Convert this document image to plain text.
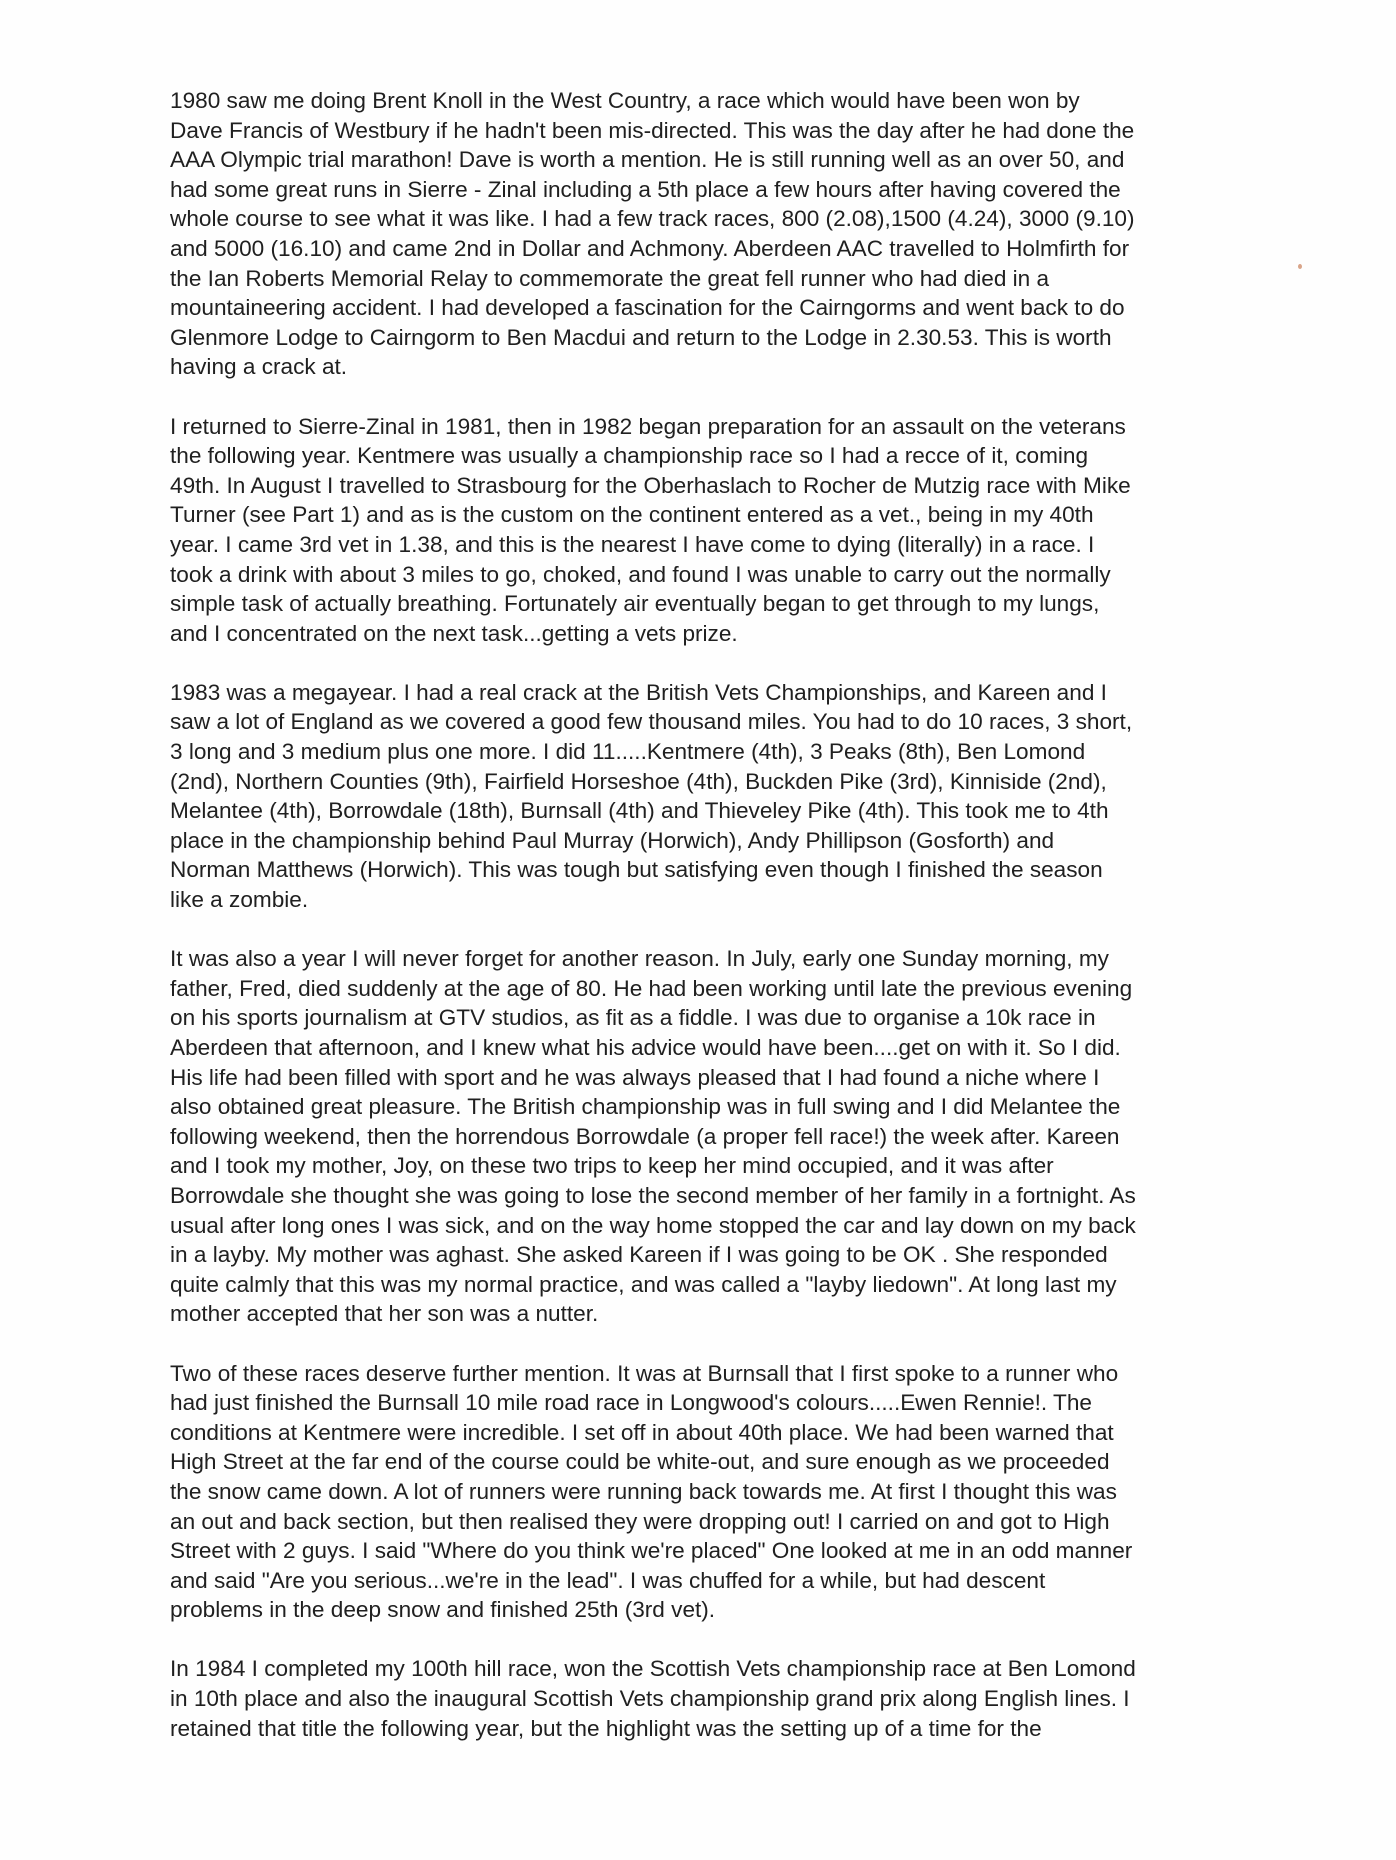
1980 saw me doing Brent Knoll in the West Country, a race which would have been won by
Dave Francis of Westbury if he hadn't been mis-directed. This was the day after he had done the
AAA Olympic trial marathon! Dave is worth a mention. He is still running well as an over 50, and
had some great runs in Sierre - Zinal including a 5th place a few hours after having covered the
whole course to see what it was like. I had a few track races, 800 (2.08),1500 (4.24), 3000 (9.10)
and 5000 (16.10) and came 2nd in Dollar and Achmony. Aberdeen AAC travelled to Holmfirth for
the Ian Roberts Memorial Relay to commemorate the great fell runner who had died in a
mountaineering accident. I had developed a fascination for the Cairngorms and went back to do
Glenmore Lodge to Cairngorm to Ben Macdui and return to the Lodge in 2.30.53. This is worth
having a crack at.
I returned to Sierre-Zinal in 1981, then in 1982 began preparation for an assault on the veterans
the following year. Kentmere was usually a championship race so I had a recce of it, coming
49th. In August I travelled to Strasbourg for the Oberhaslach to Rocher de Mutzig race with Mike
Turner (see Part 1) and as is the custom on the continent entered as a vet., being in my 40th
year. I came 3rd vet in 1.38, and this is the nearest I have come to dying (literally) in a race. I
took a drink with about 3 miles to go, choked, and found I was unable to carry out the normally
simple task of actually breathing. Fortunately air eventually began to get through to my lungs,
and I concentrated on the next task...getting a vets prize.
1983 was a megayear. I had a real crack at the British Vets Championships, and Kareen and I
saw a lot of England as we covered a good few thousand miles. You had to do 10 races, 3 short,
3 long and 3 medium plus one more. I did 11.....Kentmere (4th), 3 Peaks (8th), Ben Lomond
(2nd), Northern Counties (9th), Fairfield Horseshoe (4th), Buckden Pike (3rd), Kinniside (2nd),
Melantee (4th), Borrowdale (18th), Burnsall (4th) and Thieveley Pike (4th). This took me to 4th
place in the championship behind Paul Murray (Horwich), Andy Phillipson (Gosforth) and
Norman Matthews (Horwich). This was tough but satisfying even though I finished the season
like a zombie.
It was also a year I will never forget for another reason. In July, early one Sunday morning, my
father, Fred, died suddenly at the age of 80. He had been working until late the previous evening
on his sports journalism at GTV studios, as fit as a fiddle. I was due to organise a 10k race in
Aberdeen that afternoon, and I knew what his advice would have been....get on with it. So I did.
His life had been filled with sport and he was always pleased that I had found a niche where I
also obtained great pleasure. The British championship was in full swing and I did Melantee the
following weekend, then the horrendous Borrowdale (a proper fell race!) the week after. Kareen
and I took my mother, Joy, on these two trips to keep her mind occupied, and it was after
Borrowdale she thought she was going to lose the second member of her family in a fortnight. As
usual after long ones I was sick, and on the way home stopped the car and lay down on my back
in a layby. My mother was aghast. She asked Kareen if I was going to be OK . She responded
quite calmly that this was my normal practice, and was called a "layby liedown". At long last my
mother accepted that her son was a nutter.
Two of these races deserve further mention. It was at Burnsall that I first spoke to a runner who
had just finished the Burnsall 10 mile road race in Longwood's colours.....Ewen Rennie!. The
conditions at Kentmere were incredible. I set off in about 40th place. We had been warned that
High Street at the far end of the course could be white-out, and sure enough as we proceeded
the snow came down. A lot of runners were running back towards me. At first I thought this was
an out and back section, but then realised they were dropping out! I carried on and got to High
Street with 2 guys. I said "Where do you think we're placed" One looked at me in an odd manner
and said "Are you serious...we're in the lead". I was chuffed for a while, but had descent
problems in the deep snow and finished 25th (3rd vet).
In 1984 I completed my 100th hill race, won the Scottish Vets championship race at Ben Lomond
in 10th place and also the inaugural Scottish Vets championship grand prix along English lines. I
retained that title the following year, but the highlight was the setting up of a time for the
